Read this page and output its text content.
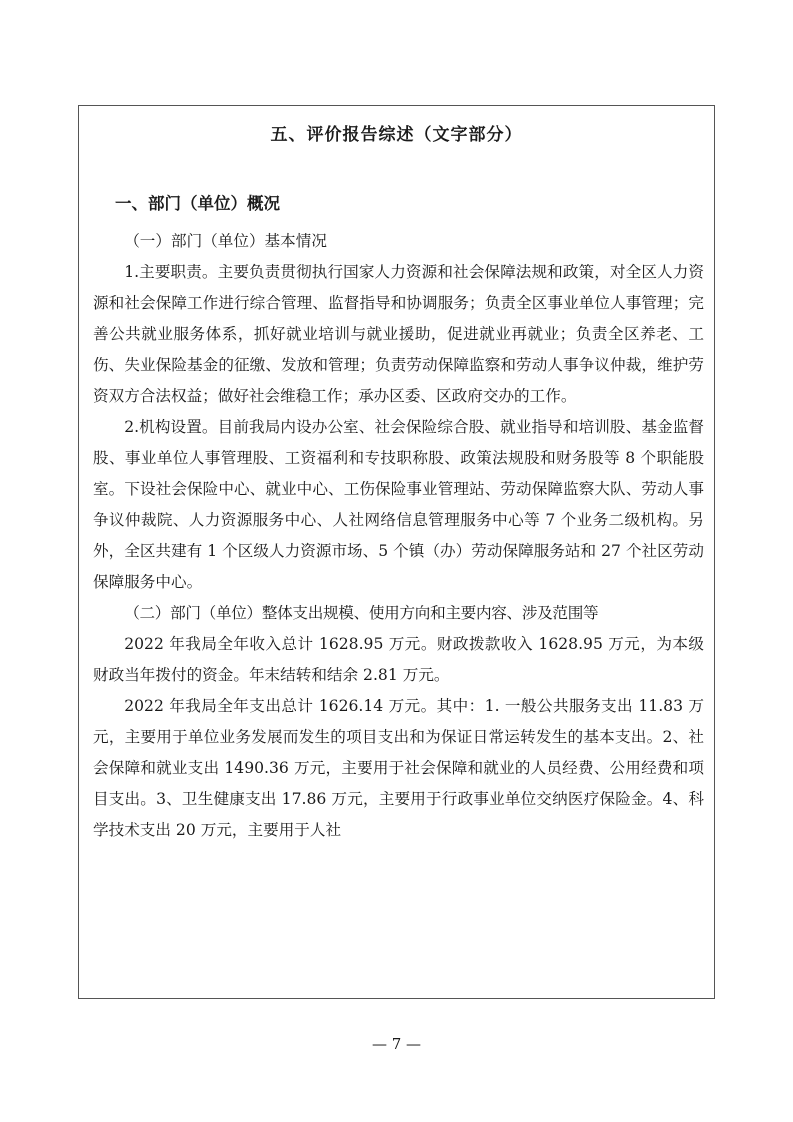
五、评价报告综述（文字部分）
一、部门（单位）概况

（一）部门（单位）基本情况

1.主要职责。主要负责贯彻执行国家人力资源和社会保障法规和政策，对全区人力资源和社会保障工作进行综合管理、监督指导和协调服务；负责全区事业单位人事管理；完善公共就业服务体系，抓好就业培训与就业援助，促进就业再就业；负责全区养老、工伤、失业保险基金的征缴、发放和管理；负责劳动保障监察和劳动人事争议仲裁，维护劳资双方合法权益；做好社会维稳工作；承办区委、区政府交办的工作。

2.机构设置。目前我局内设办公室、社会保险综合股、就业指导和培训股、基金监督股、事业单位人事管理股、工资福利和专技职称股、政策法规股和财务股等 8 个职能股室。下设社会保险中心、就业中心、工伤保险事业管理站、劳动保障监察大队、劳动人事争议仲裁院、人力资源服务中心、人社网络信息管理服务中心等 7 个业务二级机构。另外，全区共建有 1 个区级人力资源市场、5 个镇（办）劳动保障服务站和 27 个社区劳动保障服务中心。

（二）部门（单位）整体支出规模、使用方向和主要内容、涉及范围等

2022 年我局全年收入总计 1628.95 万元。财政拨款收入 1628.95 万元，为本级财政当年拨付的资金。年末结转和结余 2.81 万元。

2022 年我局全年支出总计 1626.14 万元。其中：1. 一般公共服务支出 11.83 万元，主要用于单位业务发展而发生的项目支出和为保证日常运转发生的基本支出。2、社会保障和就业支出 1490.36 万元，主要用于社会保障和就业的人员经费、公用经费和项目支出。3、卫生健康支出 17.86 万元，主要用于行政事业单位交纳医疗保险金。4、科学技术支出 20 万元，主要用于人社

— 7 —
